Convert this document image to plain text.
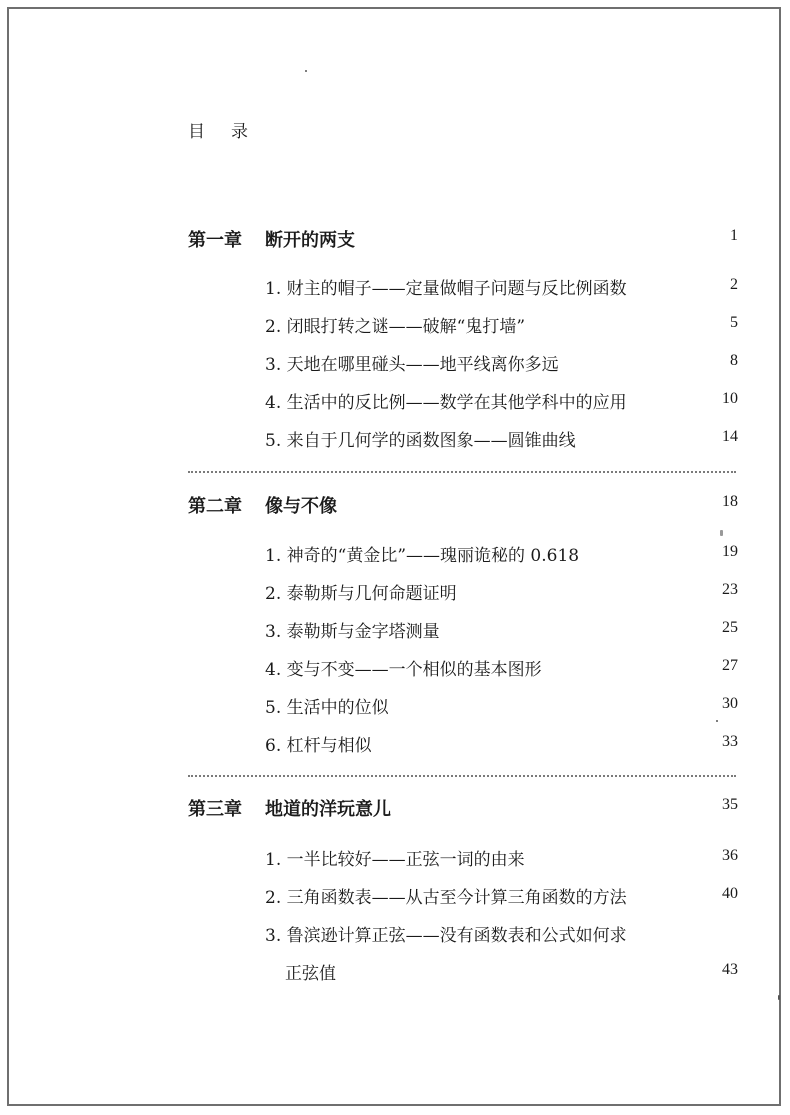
目 录
第一章 断开的两支	1
1. 财主的帽子——定量做帽子问题与反比例函数	2
2. 闭眼打转之谜——破解“鬼打墙”	5
3. 天地在哪里碰头——地平线离你多远	8
4. 生活中的反比例——数学在其他学科中的应用	10
5. 来自于几何学的函数图象——圆锥曲线	14
第二章 像与不像	18
1. 神奇的“黄金比”——瑰丽诡秘的 0.618	19
2. 泰勒斯与几何命题证明	23
3. 泰勒斯与金字塔测量	25
4. 变与不变——一个相似的基本图形	27
5. 生活中的位似	30
6. 杠杆与相似	33
第三章 地道的洋玩意儿	35
1. 一半比较好——正弦一词的由来	36
2. 三角函数表——从古至今计算三角函数的方法	40
3. 鲁滨逊计算正弦——没有函数表和公式如何求
正弦值	43
